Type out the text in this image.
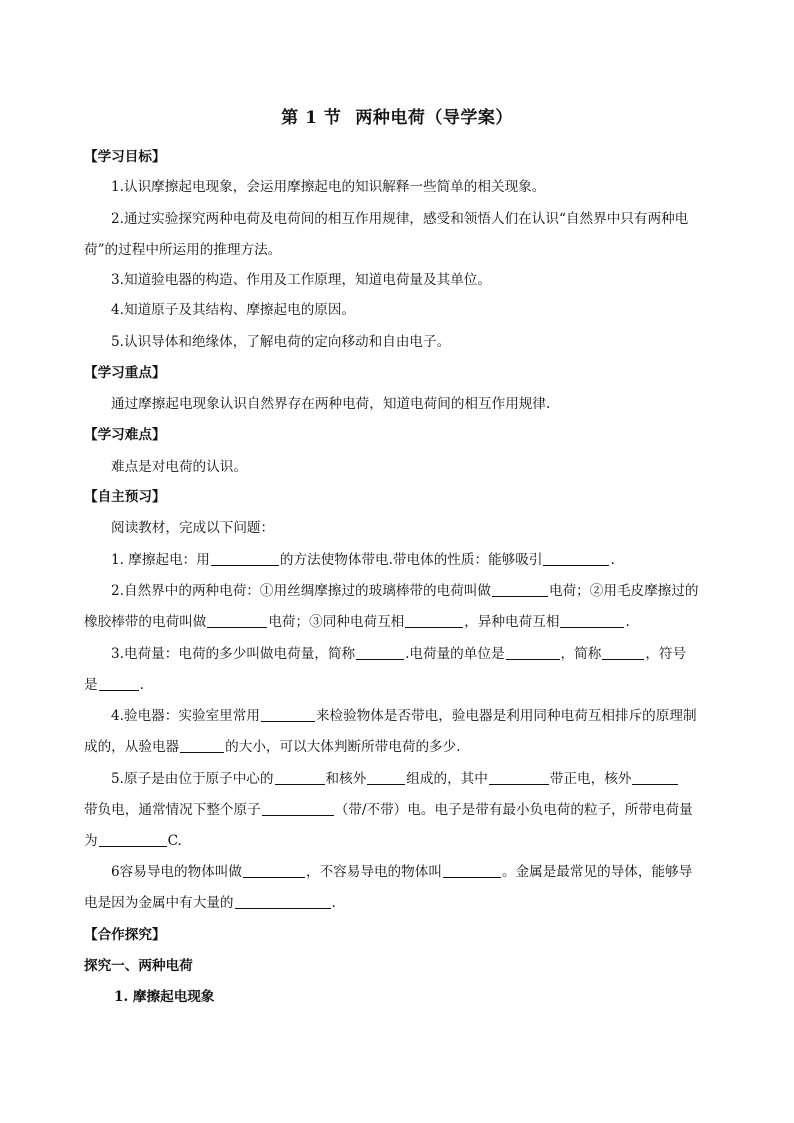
第 1 节 两种电荷（导学案）
【学习目标】
1.认识摩擦起电现象，会运用摩擦起电的知识解释一些简单的相关现象。
2.通过实验探究两种电荷及电荷间的相互作用规律，感受和领悟人们在认识“自然界中只有两种电
荷”的过程中所运用的推理方法。
3.知道验电器的构造、作用及工作原理，知道电荷量及其单位。
4.知道原子及其结构、摩擦起电的原因。
5.认识导体和绝缘体，了解电荷的定向移动和自由电子。
【学习重点】
通过摩擦起电现象认识自然界存在两种电荷，知道电荷间的相互作用规律.
【学习难点】
难点是对电荷的认识。
【自主预习】
阅读教材，完成以下问题：
1. 摩擦起电：用	的方法使物体带电.带电体的性质：能够吸引	.
2.自然界中的两种电荷：①用丝绸摩擦过的玻璃棒带的电荷叫做	电荷；②用毛皮摩擦过的
橡胶棒带的电荷叫做	电荷；③同种电荷互相	，异种电荷互相	.
3.电荷量：电荷的多少叫做电荷量，简称	.电荷量的单位是	，简称	，符号
是	.
4.验电器：实验室里常用	来检验物体是否带电，验电器是利用同种电荷互相排斥的原理制
成的，从验电器	的大小，可以大体判断所带电荷的多少.
5.原子是由位于原子中心的	和核外	组成的，其中	带正电，核外
带负电，通常情况下整个原子	（带/不带）电。电子是带有最小负电荷的粒子，所带电荷量
为	C.
6容易导电的物体叫做	，不容易导电的物体叫	。金属是最常见的导体，能够导
电是因为金属中有大量的	.
【合作探究】
探究一、两种电荷
1. 摩擦起电现象
